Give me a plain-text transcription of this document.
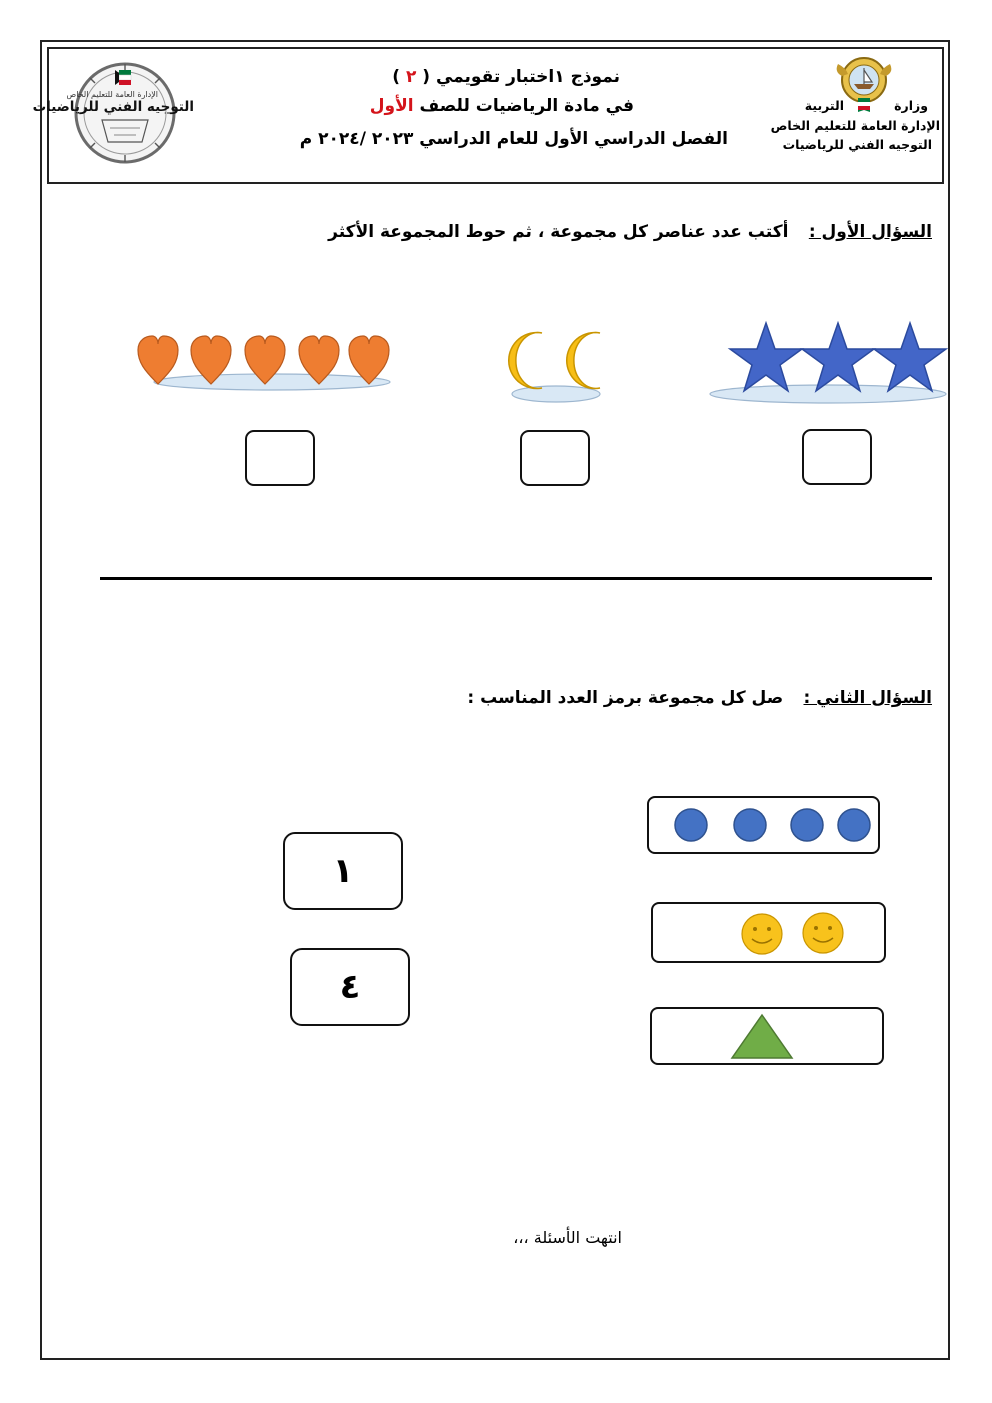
وزارة
التربية
الإدارة العامة للتعليم الخاص
التوجيه الفني للرياضيات
نموذج ١اختبار تقويمي ( ٢ )
في مادة الرياضيات للصف الأول
الفصل الدراسي الأول للعام الدراسي ٢٠٢٣ /٢٠٢٤ م
الإدارة العامة للتعليم الخاص
التوجيه الفني للرياضيات
السؤال الأول :    أكتب عدد عناصر كل مجموعة ، ثم حوط المجموعة الأكثر
السؤال الثاني :    صل كل مجموعة برمز العدد المناسب :
١
٤
انتهت الأسئلة ،،،
